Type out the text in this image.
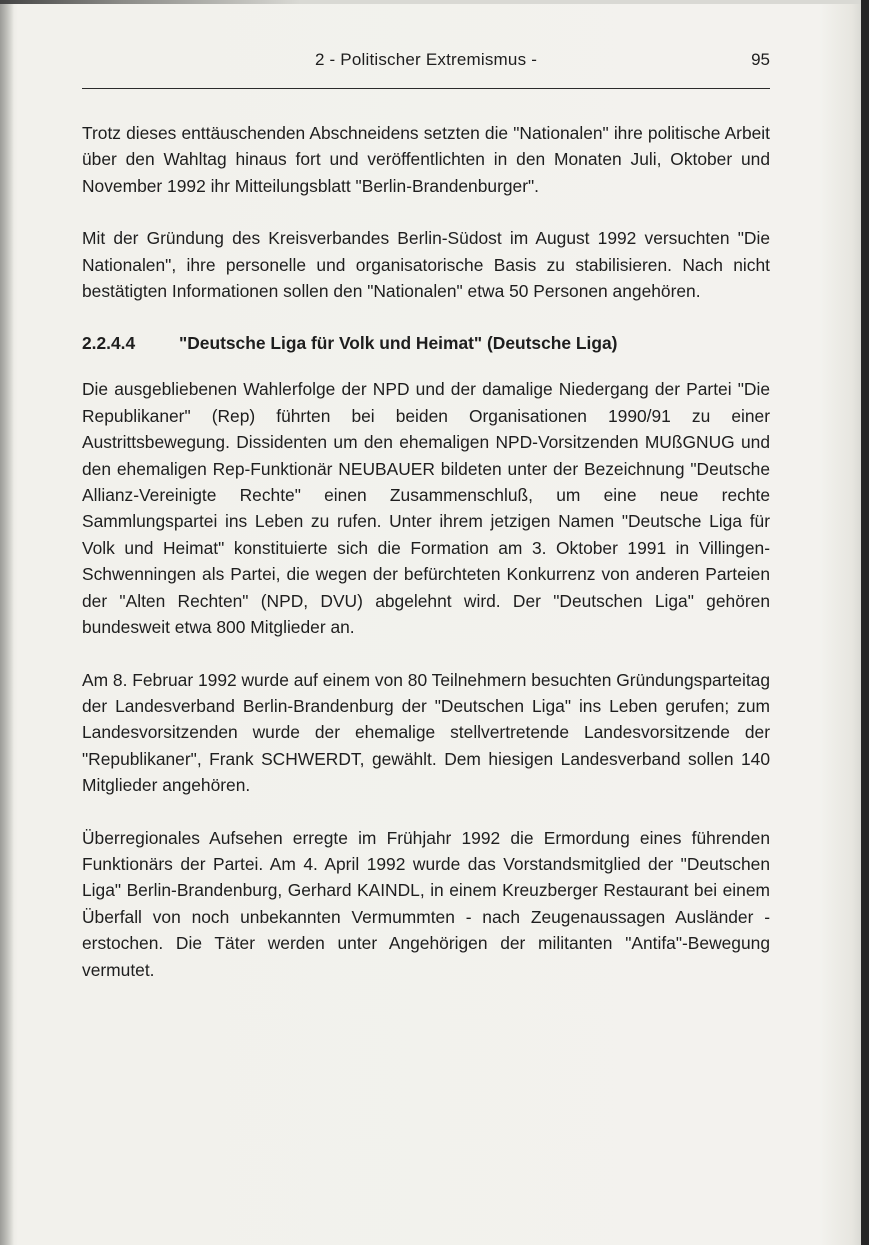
2 - Politischer Extremismus -	95

Trotz dieses enttäuschenden Abschneidens setzten die "Nationalen" ihre politische Arbeit über den Wahltag hinaus fort und veröffentlichten in den Monaten Juli, Oktober und November 1992 ihr Mitteilungsblatt "Berlin-Brandenburger".

Mit der Gründung des Kreisverbandes Berlin-Südost im August 1992 versuchten "Die Nationalen", ihre personelle und organisatorische Basis zu stabilisieren. Nach nicht bestätigten Informationen sollen den "Nationalen" etwa 50 Personen angehören.

2.2.4.4	"Deutsche Liga für Volk und Heimat" (Deutsche Liga)

Die ausgebliebenen Wahlerfolge der NPD und der damalige Niedergang der Partei "Die Republikaner" (Rep) führten bei beiden Organisationen 1990/91 zu einer Austrittsbewegung. Dissidenten um den ehemaligen NPD-Vorsitzenden MUßGNUG und den ehemaligen Rep-Funktionär NEUBAUER bildeten unter der Bezeichnung "Deutsche Allianz-Vereinigte Rechte" einen Zusammenschluß, um eine neue rechte Sammlungspartei ins Leben zu rufen. Unter ihrem jetzigen Namen "Deutsche Liga für Volk und Heimat" konstituierte sich die Formation am 3. Oktober 1991 in Villingen-Schwenningen als Partei, die wegen der befürchteten Konkurrenz von anderen Parteien der "Alten Rechten" (NPD, DVU) abgelehnt wird. Der "Deutschen Liga" gehören bundesweit etwa 800 Mitglieder an.

Am 8. Februar 1992 wurde auf einem von 80 Teilnehmern besuchten Gründungsparteitag der Landesverband Berlin-Brandenburg der "Deutschen Liga" ins Leben gerufen; zum Landesvorsitzenden wurde der ehemalige stellvertretende Landesvorsitzende der "Republikaner", Frank SCHWERDT, gewählt. Dem hiesigen Landesverband sollen 140 Mitglieder angehören.

Überregionales Aufsehen erregte im Frühjahr 1992 die Ermordung eines führenden Funktionärs der Partei. Am 4. April 1992 wurde das Vorstandsmitglied der "Deutschen Liga" Berlin-Brandenburg, Gerhard KAINDL, in einem Kreuzberger Restaurant bei einem Überfall von noch unbekannten Vermummten - nach Zeugenaussagen Ausländer - erstochen. Die Täter werden unter Angehörigen der militanten "Antifa"-Bewegung vermutet.
